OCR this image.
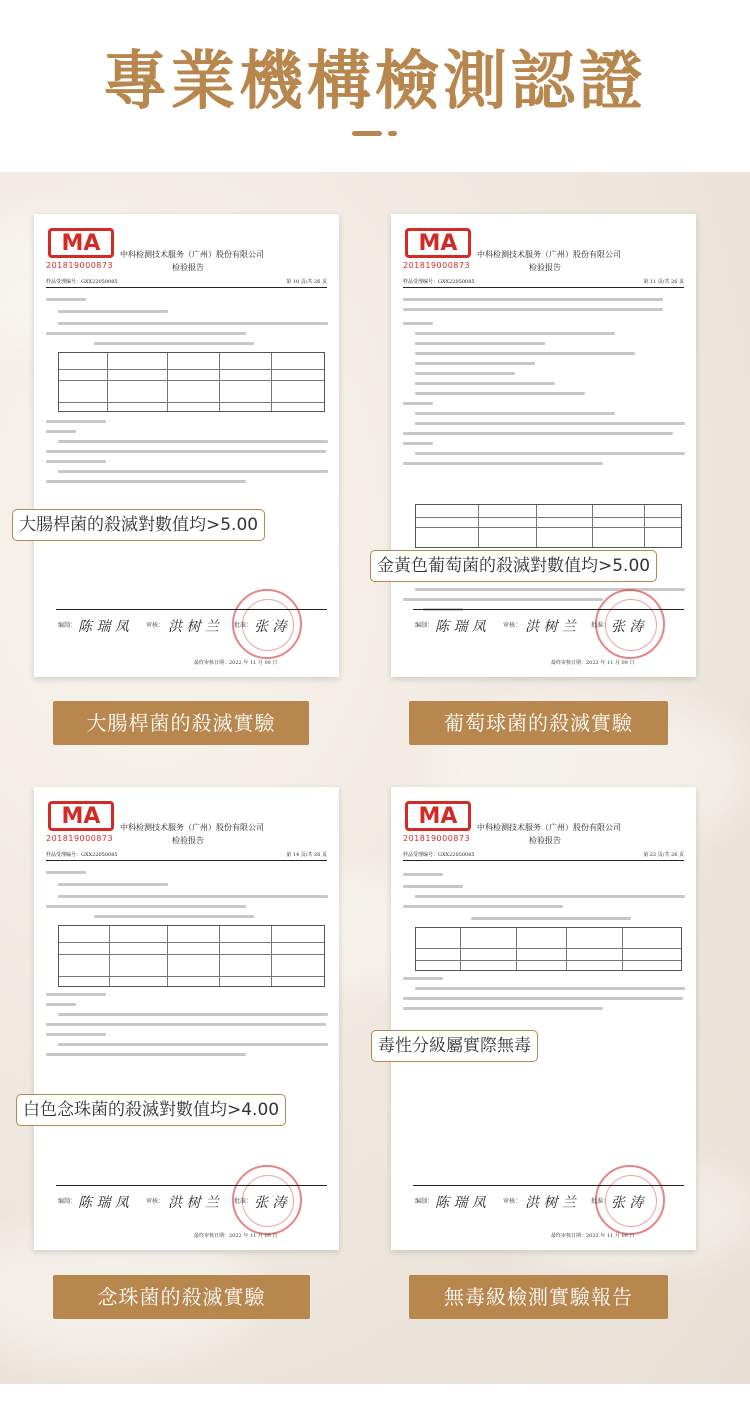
專業機構檢測認證
MA
201819000873
中科检测技术服务（广州）股份有限公司
检验报告
样品受理编号：GXX22050085	第 10 页/共 26 页
编制： 陈 瑞 凤	审核： 洪 树 兰	批准： 张 涛
最终审核日期：2022 年 11 月 09 日
MA
201819000873
中科检测技术服务（广州）股份有限公司
检验报告
样品受理编号：GXX22050085	第 11 页/共 26 页
编制： 陈 瑞 凤	审核： 洪 树 兰	批准： 张 涛
最终审核日期：2022 年 11 月 09 日
MA
201819000873
中科检测技术服务（广州）股份有限公司
检验报告
样品受理编号：GXX22050085	第 14 页/共 26 页
编制： 陈 瑞 凤	审核： 洪 树 兰	批准： 张 涛
最终审核日期：2022 年 11 月 09 日
MA
201819000873
中科检测技术服务（广州）股份有限公司
检验报告
样品受理编号：GXX22050085	第 22 页/共 26 页
编制： 陈 瑞 凤	审核： 洪 树 兰	批准： 张 涛
最终审核日期：2022 年 11 月 09 日
大腸桿菌的殺滅對數值均>5.00
金黃色葡萄菌的殺滅對數值均>5.00
白色念珠菌的殺滅對數值均>4.00
毒性分級屬實際無毒
大腸桿菌的殺滅實驗	葡萄球菌的殺滅實驗
念珠菌的殺滅實驗	無毒級檢測實驗報告
